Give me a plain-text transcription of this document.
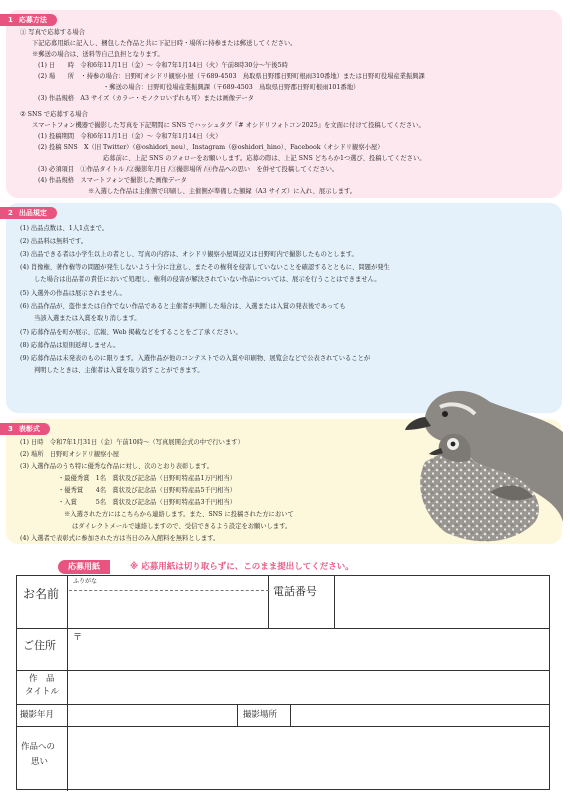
1 応募方法
① 写真で応募する場合
下記応募用紙に記入し、梱包した作品と共に下記日時・場所に持参または郵送してください。
※郵送の場合は、送料等自己負担となります。
(1) 日　　時　令和6年11月1日（金）～ 令和7年1月14日（火）午前8時30分～午後5時
(2) 場　　所　・持参の場合：日野町オシドリ観察小屋（〒689-4503　鳥取県日野郡日野町根雨310番地）または日野町役場産業振興課
・郵送の場合：日野町役場産業振興課（〒689-4503　鳥取県日野郡日野町根雨101番地）
(3) 作品規格　A3 サイズ（カラー・モノクロいずれも可）または画像データ
② SNS で応募する場合
スマートフォン機器で撮影した写真を下記期間に SNS でハッシュタグ『# オシドリフォトコン2025』を文面に付けて投稿してください。
(1) 投稿期間　令和6年11月1日（金）～ 令和7年1月14日（火）
(2) 投稿 SNS　X（旧 Twitter）（@oshidori_neu）、Instagram（@oshidori_hino）、Facebook（オシドリ観察小屋）
応募前に、上記 SNS のフォローをお願いします。応募の際は、上記 SNS どちらか1つ選び、投稿してください。
(3) 必須項目　①作品タイトル /②撮影年月日 /③撮影場所 /④作品への思い　を併せて投稿してください。
(4) 作品規格　スマートフォンで撮影した画像データ
※入選した作品は主催側で印刷し、主催側が準備した額縁（A3 サイズ）に入れ、展示します。
2 出品規定
(1) 出品点数は、1人1点まで。
(2) 出品料は無料です。
(3) 出品できる者は小学生以上の者とし、写真の内容は、オシドリ観察小屋周辺又は日野町内で撮影したものとします。
(4) 肖像権、著作権等の問題が発生しないよう十分に注意し、またその権利を侵害していないことを確認するとともに、問題が発生
した場合は出品者の責任において処理し、権利の侵害が解決されていない作品については、展示を行うことはできません。
(5) 入選外の作品は展示されません。
(6) 出品作品が、盗作または自作でない作品であると主催者が判断した場合は、入選または入賞の発表後であっても
当該入選または入賞を取り消します。
(7) 応募作品を町が展示、広報、Web 掲載などをすることをご了承ください。
(8) 応募作品は原則返却しません。
(9) 応募作品は未発表のものに限ります。入選作品が他のコンテストでの入賞や印刷物、展覧会などで公表されていることが
判明したときは、主催者は入賞を取り消すことができます。
3 表彰式
(1) 日時　令和7年1月31日（金）午前10時～（写真展開会式の中で行います）
(2) 場所　日野町オシドリ観察小屋
(3) 入選作品のうち特に優秀な作品に対し、次のとおり表彰します。
・最優秀賞　1名　賞状及び記念品（日野町特産品1万円相当）
・優秀賞　　4名　賞状及び記念品（日野町特産品5千円相当）
・入賞　　　5名　賞状及び記念品（日野町特産品3千円相当）
※入選された方にはこちらから連絡します。また、SNS に投稿された方において
はダイレクトメールで連絡しますので、受信できるよう設定をお願いします。
(4) 入選者で表彰式に参加された方は当日のみ入館料を無料とします。
応募用紙	※ 応募用紙は切り取らずに、このまま提出してください。
ふりがな
お名前	電話番号
ご住所
〒
作　品
タイトル
撮影年月	撮影場所
作品への
思い
